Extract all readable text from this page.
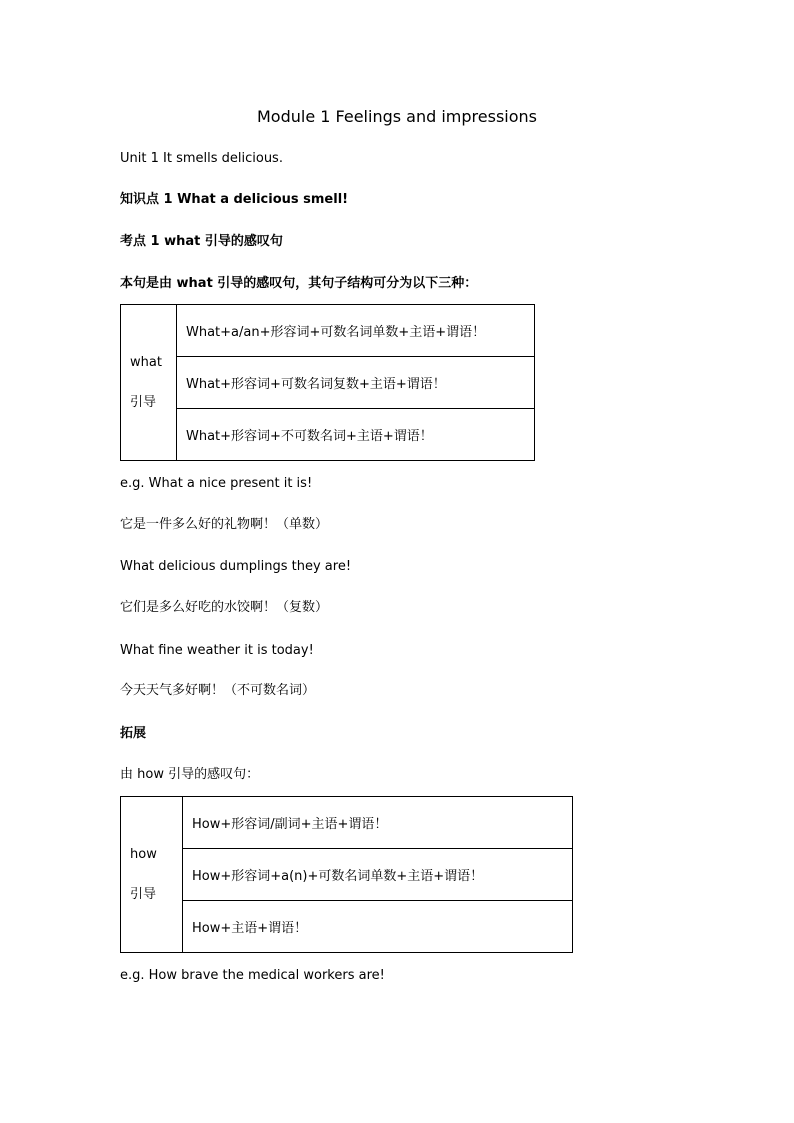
Module 1 Feelings and impressions
Unit 1 It smells delicious.
知识点 1 What a delicious smell!
考点 1 what 引导的感叹句
本句是由 what 引导的感叹句，其句子结构可分为以下三种：
what
引导
	What+a/an+形容词+可数名词单数+主语+谓语！
What+形容词+可数名词复数+主语+谓语！
What+形容词+不可数名词+主语+谓语！
e.g. What a nice present it is!
它是一件多么好的礼物啊！（单数）
What delicious dumplings they are!
它们是多么好吃的水饺啊！（复数）
What fine weather it is today!
今天天气多好啊！（不可数名词）
拓展
由 how 引导的感叹句：
how
引导
	How+形容词/副词+主语+谓语！
How+形容词+a(n)+可数名词单数+主语+谓语！
How+主语+谓语！
e.g. How brave the medical workers are!
